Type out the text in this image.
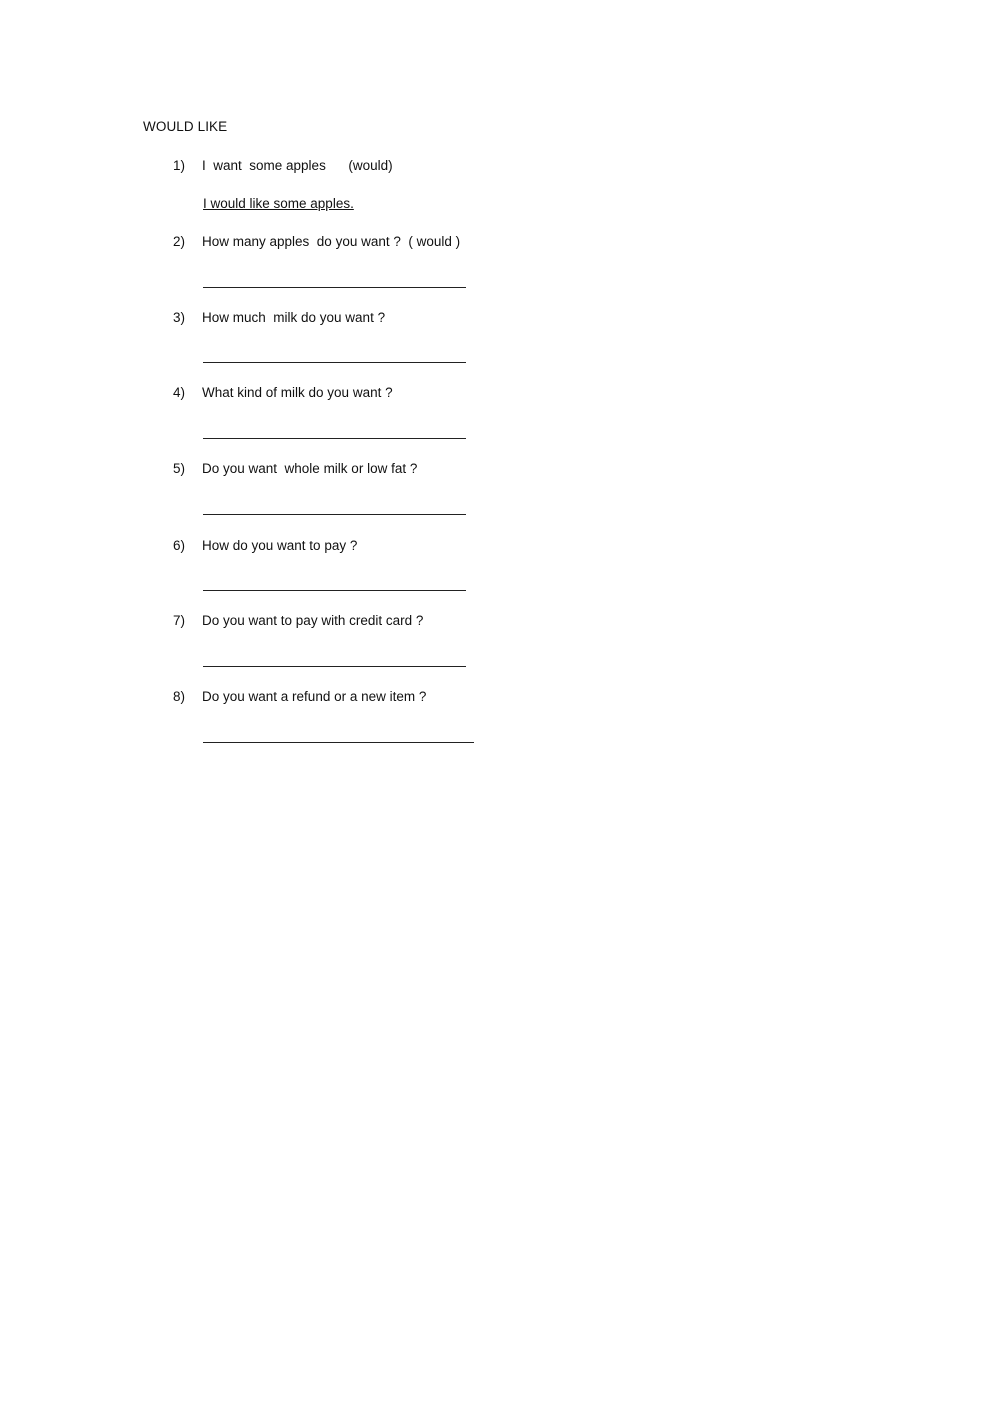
WOULD LIKE

1)

I  want  some apples      (would)

I would like some apples.

2)

How many apples  do you want ?  ( would )

3)

How much  milk do you want ?

4)

What kind of milk do you want ?

5)

Do you want  whole milk or low fat ?

6)

How do you want to pay ?

7)

Do you want to pay with credit card ?

8)

Do you want a refund or a new item ?
